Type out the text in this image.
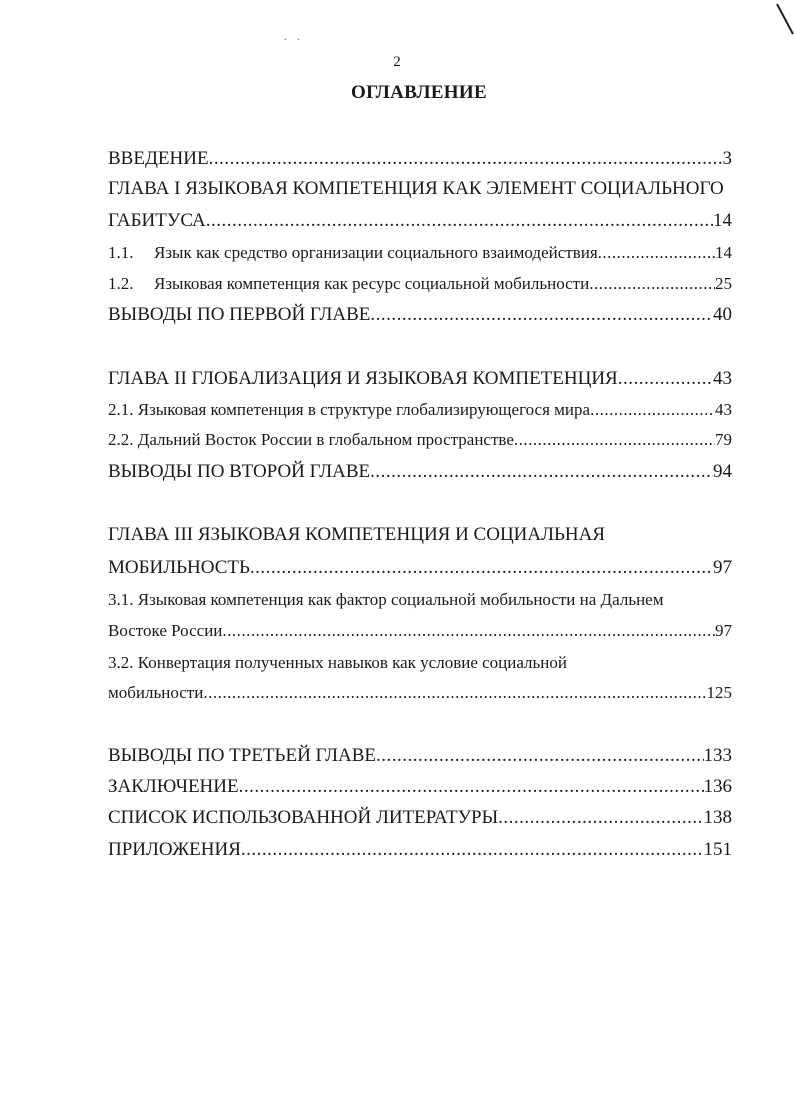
. .
2
ОГЛАВЛЕНИЕ
ВВЕДЕНИЕ .....	3
ГЛАВА I ЯЗЫКОВАЯ КОМПЕТЕНЦИЯ КАК ЭЛЕМЕНТ СОЦИАЛЬНОГО
ГАБИТУСА .....	14
1.1. Язык как средство организации социального взаимодействия .....	14
1.2. Языковая компетенция как ресурс социальной мобильности .....	25
ВЫВОДЫ ПО ПЕРВОЙ ГЛАВЕ .....	40
ГЛАВА II ГЛОБАЛИЗАЦИЯ И ЯЗЫКОВАЯ КОМПЕТЕНЦИЯ .....	43
2.1. Языковая компетенция в структуре глобализирующегося мира .....	43
2.2. Дальний Восток России в глобальном пространстве .....	79
ВЫВОДЫ ПО ВТОРОЙ ГЛАВЕ .....	94
ГЛАВА III ЯЗЫКОВАЯ КОМПЕТЕНЦИЯ И СОЦИАЛЬНАЯ
МОБИЛЬНОСТЬ .....	97
3.1. Языковая компетенция как фактор социальной мобильности на Дальнем
Востоке России .....	97
3.2. Конвертация полученных навыков как условие социальной
мобильности .....	125
ВЫВОДЫ ПО ТРЕТЬЕЙ ГЛАВЕ .....	133
ЗАКЛЮЧЕНИЕ .....	136
СПИСОК ИСПОЛЬЗОВАННОЙ ЛИТЕРАТУРЫ .....	138
ПРИЛОЖЕНИЯ .....	151
